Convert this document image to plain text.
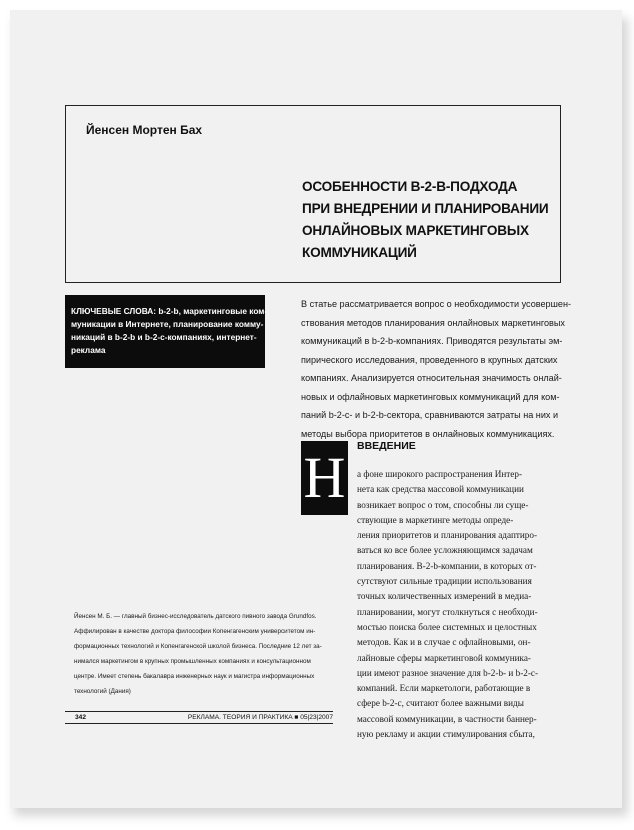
Йенсен Мортен Бах
ОСОБЕННОСТИ B-2-B-ПОДХОДА
ПРИ ВНЕДРЕНИИ И ПЛАНИРОВАНИИ
ОНЛАЙНОВЫХ МАРКЕТИНГОВЫХ
КОММУНИКАЦИЙ
КЛЮЧЕВЫЕ СЛОВА: b-2-b, маркетинговые ком-
муникации в Интернете, планирование комму-
никаций в b-2-b и b-2-c-компаниях, интернет-
реклама
В статье рассматривается вопрос о необходимости усовершен-
ствования методов планирования онлайновых маркетинговых
коммуникаций в b-2-b-компаниях. Приводятся результаты эм-
пирического исследования, проведенного в крупных датских
компаниях. Анализируется относительная значимость онлай-
новых и офлайновых маркетинговых коммуникаций для ком-
паний b-2-c- и b-2-b-сектора, сравниваются затраты на них и
методы выбора приоритетов в онлайновых коммуникациях.
Н ВВЕДЕНИЕ
а фоне широкого распространения Интер-
нета как средства массовой коммуникации
возникает вопрос о том, способны ли суще-
ствующие в маркетинге методы опреде-
ления приоритетов и планирования адаптиро-
ваться ко все более усложняющимся задачам
планирования. B-2-b-компании, в которых от-
сутствуют сильные традиции использования
точных количественных измерений в медиа-
планировании, могут столкнуться с необходи-
мостью поиска более системных и целостных
методов. Как и в случае с офлайновыми, он-
лайновые сферы маркетинговой коммуника-
ции имеют разное значение для b-2-b- и b-2-c-
компаний. Если маркетологи, работающие в
сфере b-2-c, считают более важными виды
массовой коммуникации, в частности баннер-
ную рекламу и акции стимулирования сбыта,
Йенсен М. Б. — главный бизнес-исследователь датского пивного завода Grundfos.
Аффилирован в качестве доктора философии Копенгагенским университетом ин-
формационных технологий и Копенгагенской школой бизнеса. Последние 12 лет за-
нимался маркетингом в крупных промышленных компаниях и консультационном
центре. Имеет степень бакалавра инженерных наук и магистра информационных
технологий (Дания)
342	РЕКЛАМА. ТЕОРИЯ И ПРАКТИКА ■ 05|23|2007
